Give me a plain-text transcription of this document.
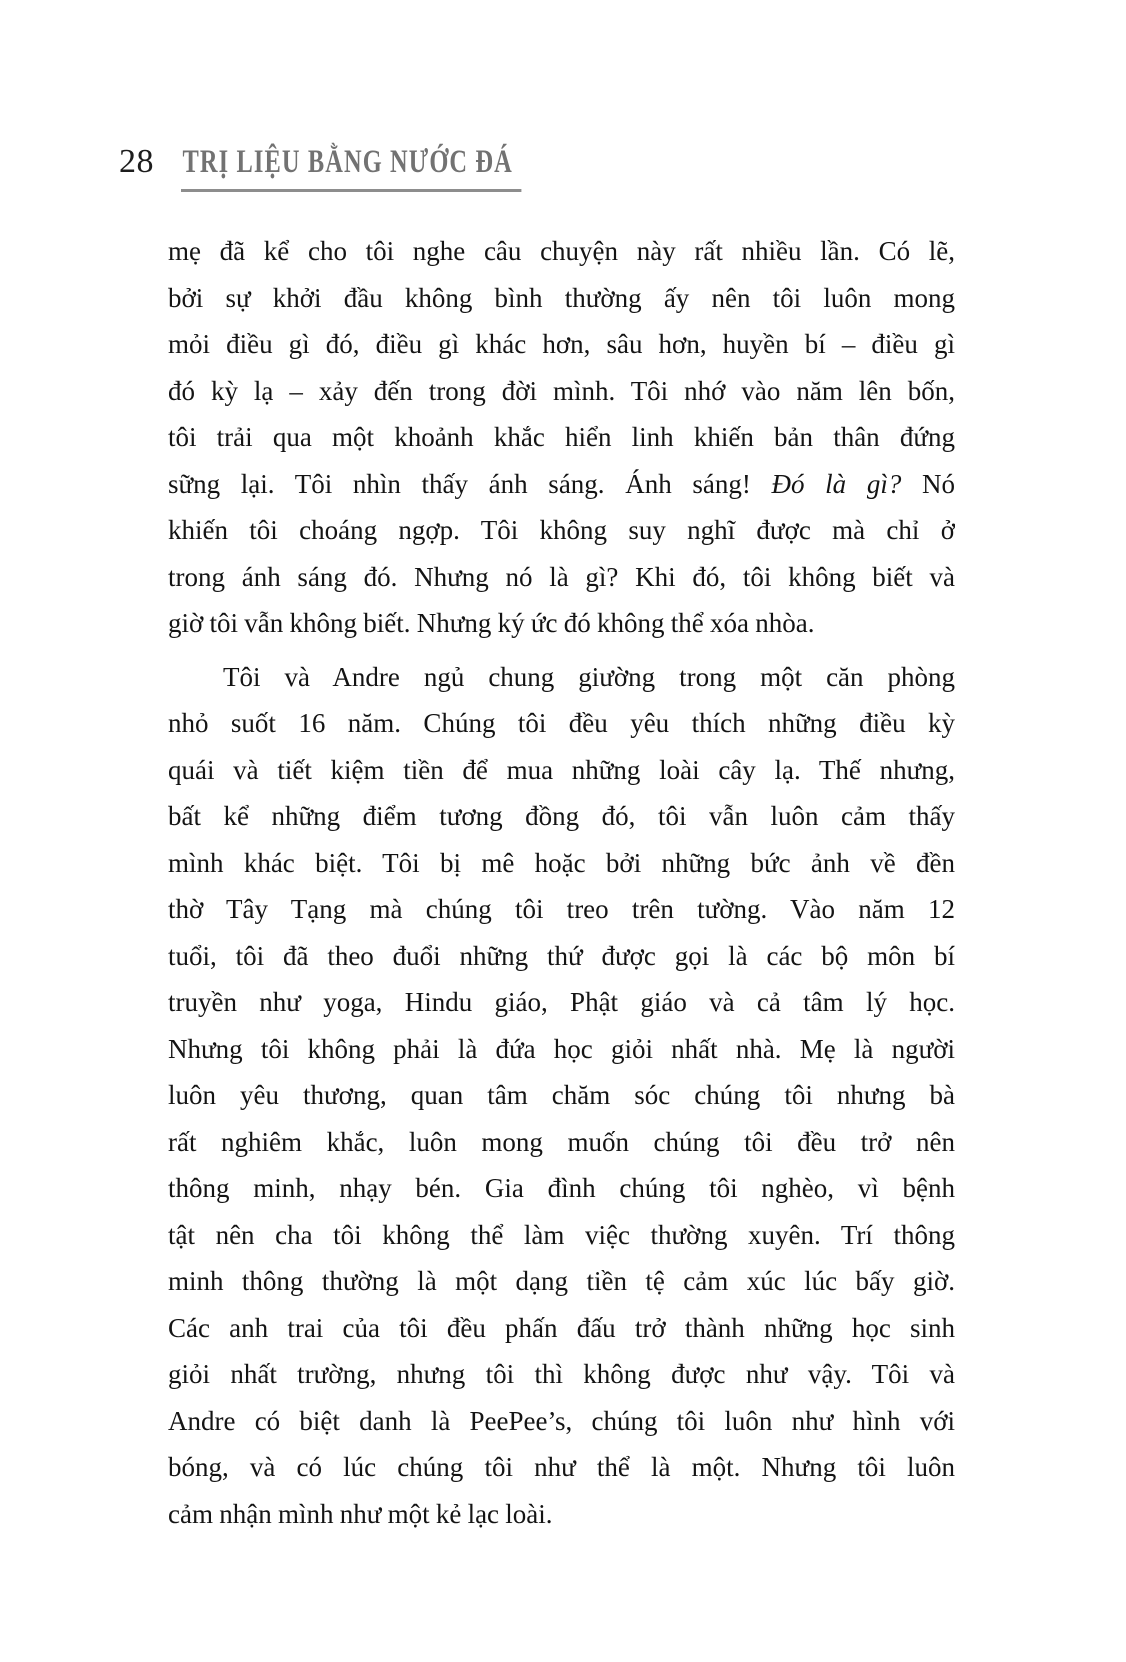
28 TRỊ LIỆU BẰNG NƯỚC ĐÁ
mẹ đã kể cho tôi nghe câu chuyện này rất nhiều lần. Có lẽ,
bởi sự khởi đầu không bình thường ấy nên tôi luôn mong
mỏi điều gì đó, điều gì khác hơn, sâu hơn, huyền bí – điều gì
đó kỳ lạ – xảy đến trong đời mình. Tôi nhớ vào năm lên bốn,
tôi trải qua một khoảnh khắc hiển linh khiến bản thân đứng
sững lại. Tôi nhìn thấy ánh sáng. Ánh sáng! Đó là gì? Nó
khiến tôi choáng ngợp. Tôi không suy nghĩ được mà chỉ ở
trong ánh sáng đó. Nhưng nó là gì? Khi đó, tôi không biết và
giờ tôi vẫn không biết. Nhưng ký ức đó không thể xóa nhòa.
Tôi và Andre ngủ chung giường trong một căn phòng
nhỏ suốt 16 năm. Chúng tôi đều yêu thích những điều kỳ
quái và tiết kiệm tiền để mua những loài cây lạ. Thế nhưng,
bất kể những điểm tương đồng đó, tôi vẫn luôn cảm thấy
mình khác biệt. Tôi bị mê hoặc bởi những bức ảnh về đền
thờ Tây Tạng mà chúng tôi treo trên tường. Vào năm 12
tuổi, tôi đã theo đuổi những thứ được gọi là các bộ môn bí
truyền như yoga, Hindu giáo, Phật giáo và cả tâm lý học.
Nhưng tôi không phải là đứa học giỏi nhất nhà. Mẹ là người
luôn yêu thương, quan tâm chăm sóc chúng tôi nhưng bà
rất nghiêm khắc, luôn mong muốn chúng tôi đều trở nên
thông minh, nhạy bén. Gia đình chúng tôi nghèo, vì bệnh
tật nên cha tôi không thể làm việc thường xuyên. Trí thông
minh thông thường là một dạng tiền tệ cảm xúc lúc bấy giờ.
Các anh trai của tôi đều phấn đấu trở thành những học sinh
giỏi nhất trường, nhưng tôi thì không được như vậy. Tôi và
Andre có biệt danh là PeePee’s, chúng tôi luôn như hình với
bóng, và có lúc chúng tôi như thể là một. Nhưng tôi luôn
cảm nhận mình như một kẻ lạc loài.
